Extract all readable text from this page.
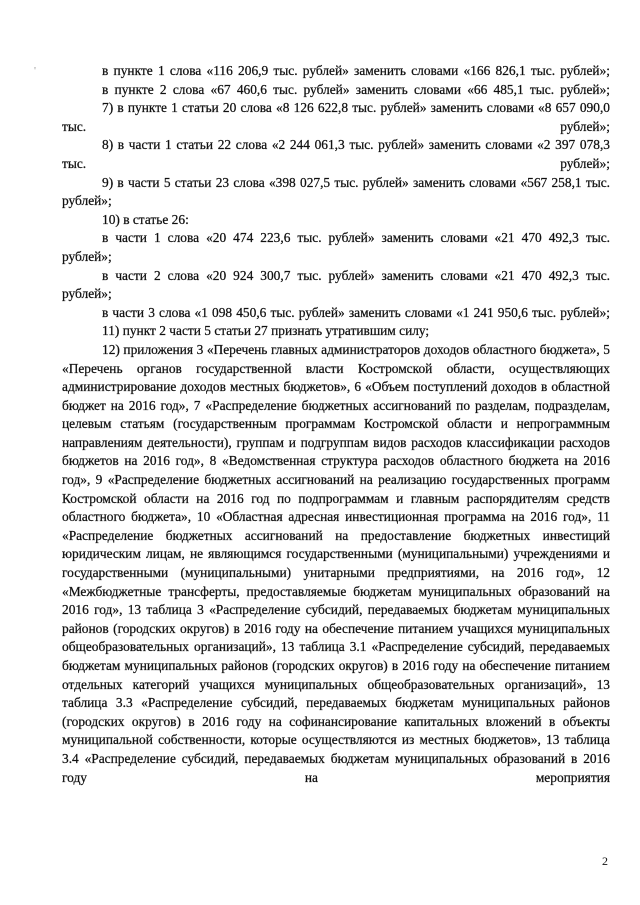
'	в пункте 1 слова «116 206,9 тыс. рублей» заменить словами «166 826,1 тыс. рублей»;

в пункте 2 слова «67 460,6 тыс. рублей» заменить словами «66 485,1 тыс. рублей»;

7) в пункте 1 статьи 20 слова «8 126 622,8 тыс. рублей» заменить словами «8 657 090,0 тыс. рублей»;

8) в части 1 статьи 22 слова «2 244 061,3 тыс. рублей» заменить словами «2 397 078,3 тыс. рублей»;

9) в части 5 статьи 23 слова «398 027,5 тыс. рублей» заменить словами «567 258,1 тыс. рублей»;

10) в статье 26:

в части 1 слова «20 474 223,6 тыс. рублей» заменить словами «21 470 492,3 тыс. рублей»;

в части 2 слова «20 924 300,7 тыс. рублей» заменить словами «21 470 492,3 тыс. рублей»;

в части 3 слова «1 098 450,6 тыс. рублей» заменить словами «1 241 950,6 тыс. рублей»;

11) пункт 2 части 5 статьи 27 признать утратившим силу;

12) приложения 3 «Перечень главных администраторов доходов областного бюджета», 5 «Перечень органов государственной власти Костромской области, осуществляющих администрирование доходов местных бюджетов», 6 «Объем поступлений доходов в областной бюджет на 2016 год», 7 «Распределение бюджетных ассигнований по разделам, подразделам, целевым статьям (государственным программам Костромской области и непрограммным направлениям деятельности), группам и подгруппам видов расходов классификации расходов бюджетов на 2016 год», 8 «Ведомственная структура расходов областного бюджета на 2016 год», 9 «Распределение бюджетных ассигнований на реализацию государственных программ Костромской области на 2016 год по подпрограммам и главным распорядителям средств областного бюджета», 10 «Областная адресная инвестиционная программа на 2016 год», 11 «Распределение бюджетных ассигнований на предоставление бюджетных инвестиций юридическим лицам, не являющимся государственными (муниципальными) учреждениями и государственными (муниципальными) унитарными предприятиями, на 2016 год», 12 «Межбюджетные трансферты, предоставляемые бюджетам муниципальных образований на 2016 год», 13 таблица 3 «Распределение субсидий, передаваемых бюджетам муниципальных районов (городских округов) в 2016 году на обеспечение питанием учащихся муниципальных общеобразовательных организаций», 13 таблица 3.1 «Распределение субсидий, передаваемых бюджетам муниципальных районов (городских округов) в 2016 году на обеспечение питанием отдельных категорий учащихся муниципальных общеобразовательных организаций», 13 таблица 3.3 «Распределение субсидий, передаваемых бюджетам муниципальных районов (городских округов) в 2016 году на софинансирование капитальных вложений в объекты муниципальной собственности, которые осуществляются из местных бюджетов», 13 таблица 3.4 «Распределение субсидий, передаваемых бюджетам муниципальных образований в 2016 году на мероприятия

2
